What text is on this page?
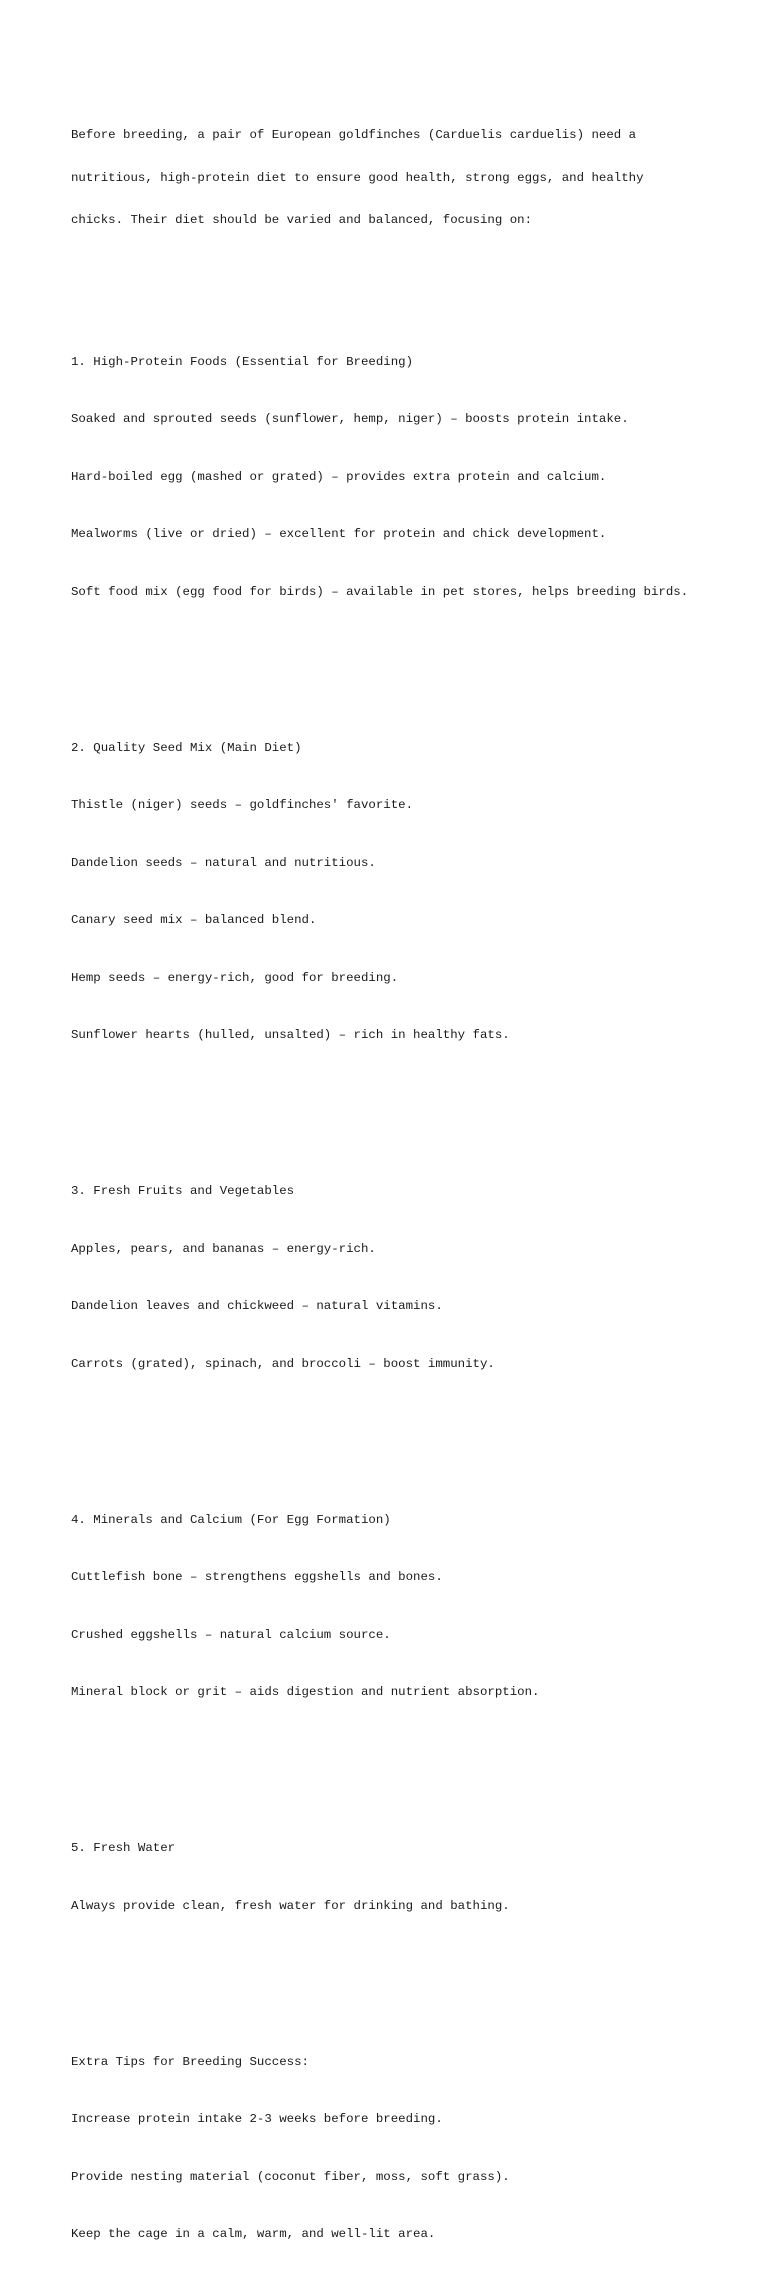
Before breeding, a pair of European goldfinches (Carduelis carduelis) need a

nutritious, high-protein diet to ensure good health, strong eggs, and healthy

chicks. Their diet should be varied and balanced, focusing on:

1. High-Protein Foods (Essential for Breeding)

Soaked and sprouted seeds (sunflower, hemp, niger) – boosts protein intake.

Hard-boiled egg (mashed or grated) – provides extra protein and calcium.

Mealworms (live or dried) – excellent for protein and chick development.

Soft food mix (egg food for birds) – available in pet stores, helps breeding birds.

2. Quality Seed Mix (Main Diet)

Thistle (niger) seeds – goldfinches' favorite.

Dandelion seeds – natural and nutritious.

Canary seed mix – balanced blend.

Hemp seeds – energy-rich, good for breeding.

Sunflower hearts (hulled, unsalted) – rich in healthy fats.

3. Fresh Fruits and Vegetables

Apples, pears, and bananas – energy-rich.

Dandelion leaves and chickweed – natural vitamins.

Carrots (grated), spinach, and broccoli – boost immunity.

4. Minerals and Calcium (For Egg Formation)

Cuttlefish bone – strengthens eggshells and bones.

Crushed eggshells – natural calcium source.

Mineral block or grit – aids digestion and nutrient absorption.

5. Fresh Water

Always provide clean, fresh water for drinking and bathing.

Extra Tips for Breeding Success:

Increase protein intake 2-3 weeks before breeding.

Provide nesting material (coconut fiber, moss, soft grass).

Keep the cage in a calm, warm, and well-lit area.
